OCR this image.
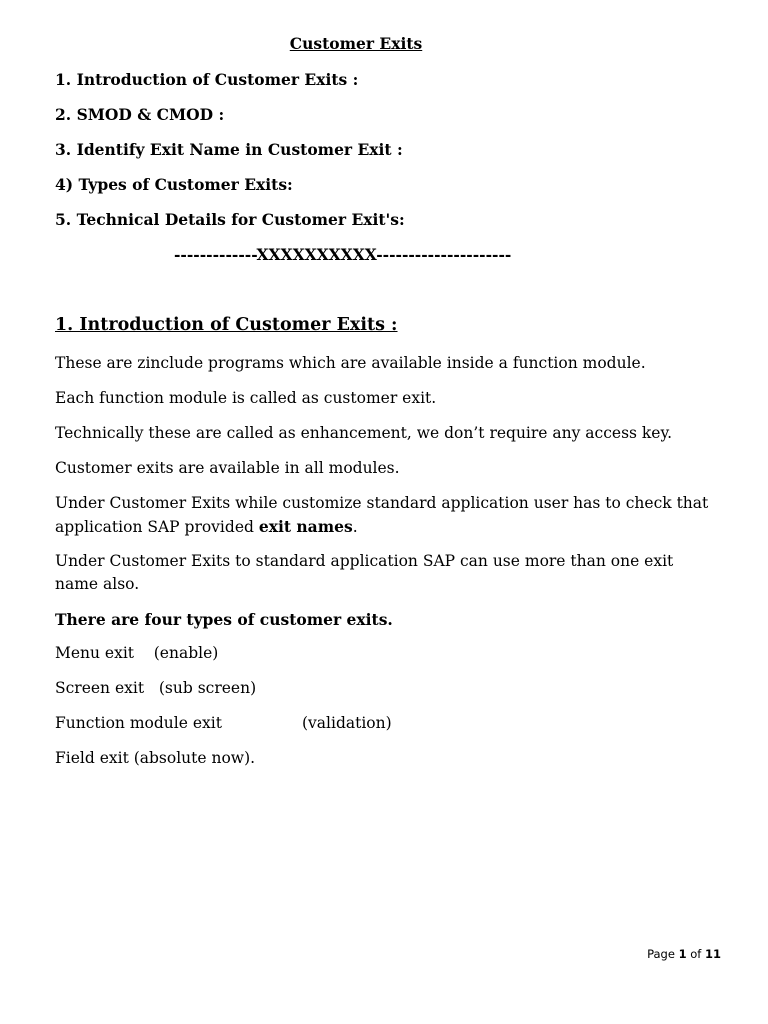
Customer Exits
1. Introduction of Customer Exits :
2. SMOD & CMOD :
3. Identify Exit Name in Customer Exit :
4) Types of Customer Exits:
5. Technical Details for Customer Exit's:
-------------XXXXXXXXXX---------------------
1. Introduction of Customer Exits :
These are zinclude programs which are available inside a function module.
Each function module is called as customer exit.
Technically these are called as enhancement, we don’t require any access key.
Customer exits are available in all modules.
Under Customer Exits while customize standard application user has to check that application SAP provided exit names.
Under Customer Exits to standard application SAP can use more than one exit name also.
There are four types of customer exits.
Menu exit    (enable)
Screen exit   (sub screen)
Function module exit	(validation)
Field exit (absolute now).
Page 1 of 11
